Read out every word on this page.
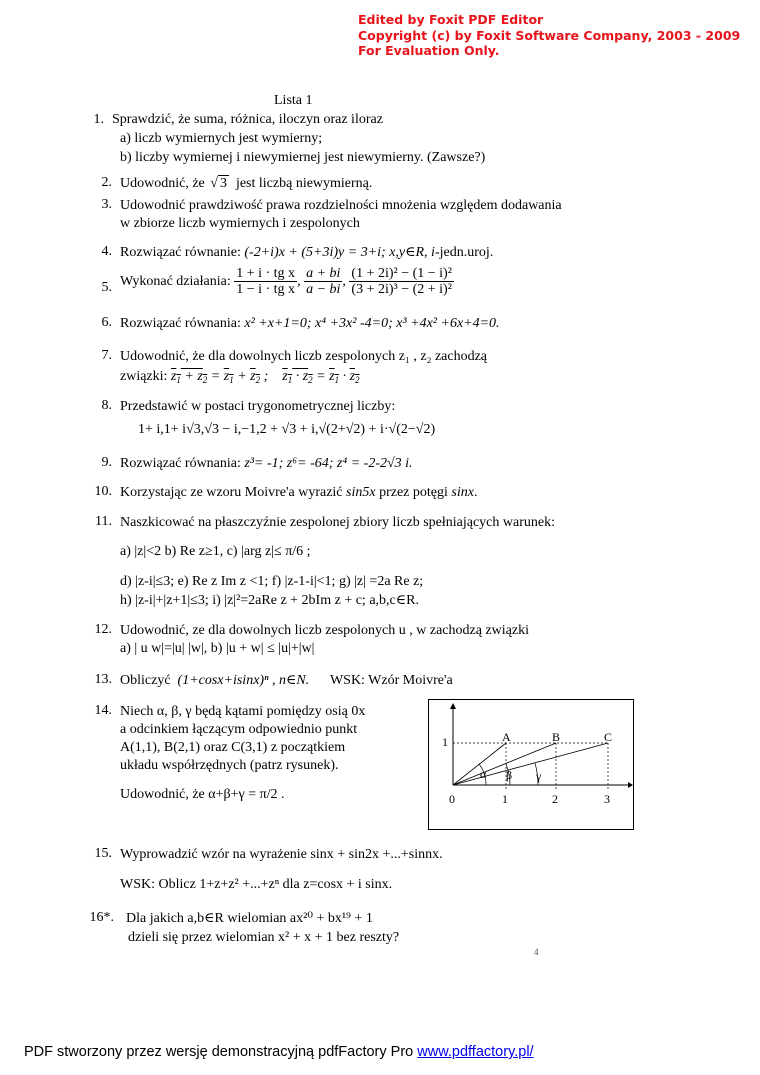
Edited by Foxit PDF Editor
Copyright (c) by Foxit Software Company, 2003 - 2009
For Evaluation Only.
Lista 1
1. Sprawdzić, że suma, różnica, iloczyn oraz iloraz
a) liczb wymiernych jest wymierny;
b) liczby wymiernej i niewymiernej jest niewymierny. (Zawsze?)
2. Udowodnić, że √ 3 jest liczbą niewymierną.
3. Udowodnić prawdziwość prawa rozdzielności mnożenia względem dodawania
w zbiorze liczb wymiernych i zespolonych
4. Rozwiązać równanie: (-2+i)x + (5+3i)y = 3+i; x,y∈R, i-jedn.uroj.
5. Wykonać działania: $\frac{\text{1 + i · tg x}}{\text{1 − i · tg x}}$ , $\frac{a + bi}{a - bi}$ , $\frac{\text{(1 + 2i)² − (1 − i)²}}{\text{(3 + 2i)³ − (2 + i)²}}$
6. Rozwiązać równania: x² +x+1=0; x⁴ +3x² -4=0; x³ +4x² +6x+4=0.
7. Udowodnić, że dla dowolnych liczb zespolonych z₁ , z₂ zachodzą
związki: $z_1 + z_2 = z_1 + z_2$ ;    $z_1 \cdot z_2 = z_1 \cdot z_2$
8. Przedstawić w postaci trygonometrycznej liczby:
1+ i,1+ i√3,√3 − i,−1,2 + √3 + i,√(2+√2) + i·√(2−√2)
9. Rozwiązać równania: z³= -1; z⁶= -64; z⁴ = -2-2√3 i.
10. Korzystając ze wzoru Moivre'a wyrazić sin5x przez potęgi sinx.
11. Naszkicować na płaszczyźnie zespolonej zbiory liczb spełniających warunek:
a) |z|<2 b) Re z≥1, c) |arg z|≤ π/6 ;
d) |z-i|≤3; e) Re z Im z <1; f) |z-1-i|<1; g) |z| =2a Re z;
h) |z-i|+|z+1|≤3; i) |z|²=2aRe z + 2bIm z + c; a,b,c∈R.
12. Udowodnić, ze dla dowolnych liczb zespolonych u , w zachodzą związki
a) | u w|=|u| |w|, b) |u + w| ≤ |u|+|w|
13. Obliczyć (1+cosx+isinx)ⁿ , n∈N. WSK: Wzór Moivre'a
14. Niech α, β, γ będą kątami pomiędzy osią 0x
a odcinkiem łączącym odpowiednio punkt
A(1,1), B(2,1) oraz C(3,1) z początkiem
układu współrzędnych (patrz rysunek).
Udowodnić, że α+β+γ = π/2 .
1
0	1	2	3
A	B	C
α β γ
15. Wyprowadzić wzór na wyrażenie sinx + sin2x +...+sinnx.
WSK: Oblicz 1+z+z² +...+zⁿ dla z=cosx + i sinx.
16*. Dla jakich a,b∈R wielomian ax²⁰ + bx¹⁹ + 1
dzieli się przez wielomian x² + x + 1 bez reszty?
4
PDF stworzony przez wersję demonstracyjną pdfFactory Pro www.pdffactory.pl/
